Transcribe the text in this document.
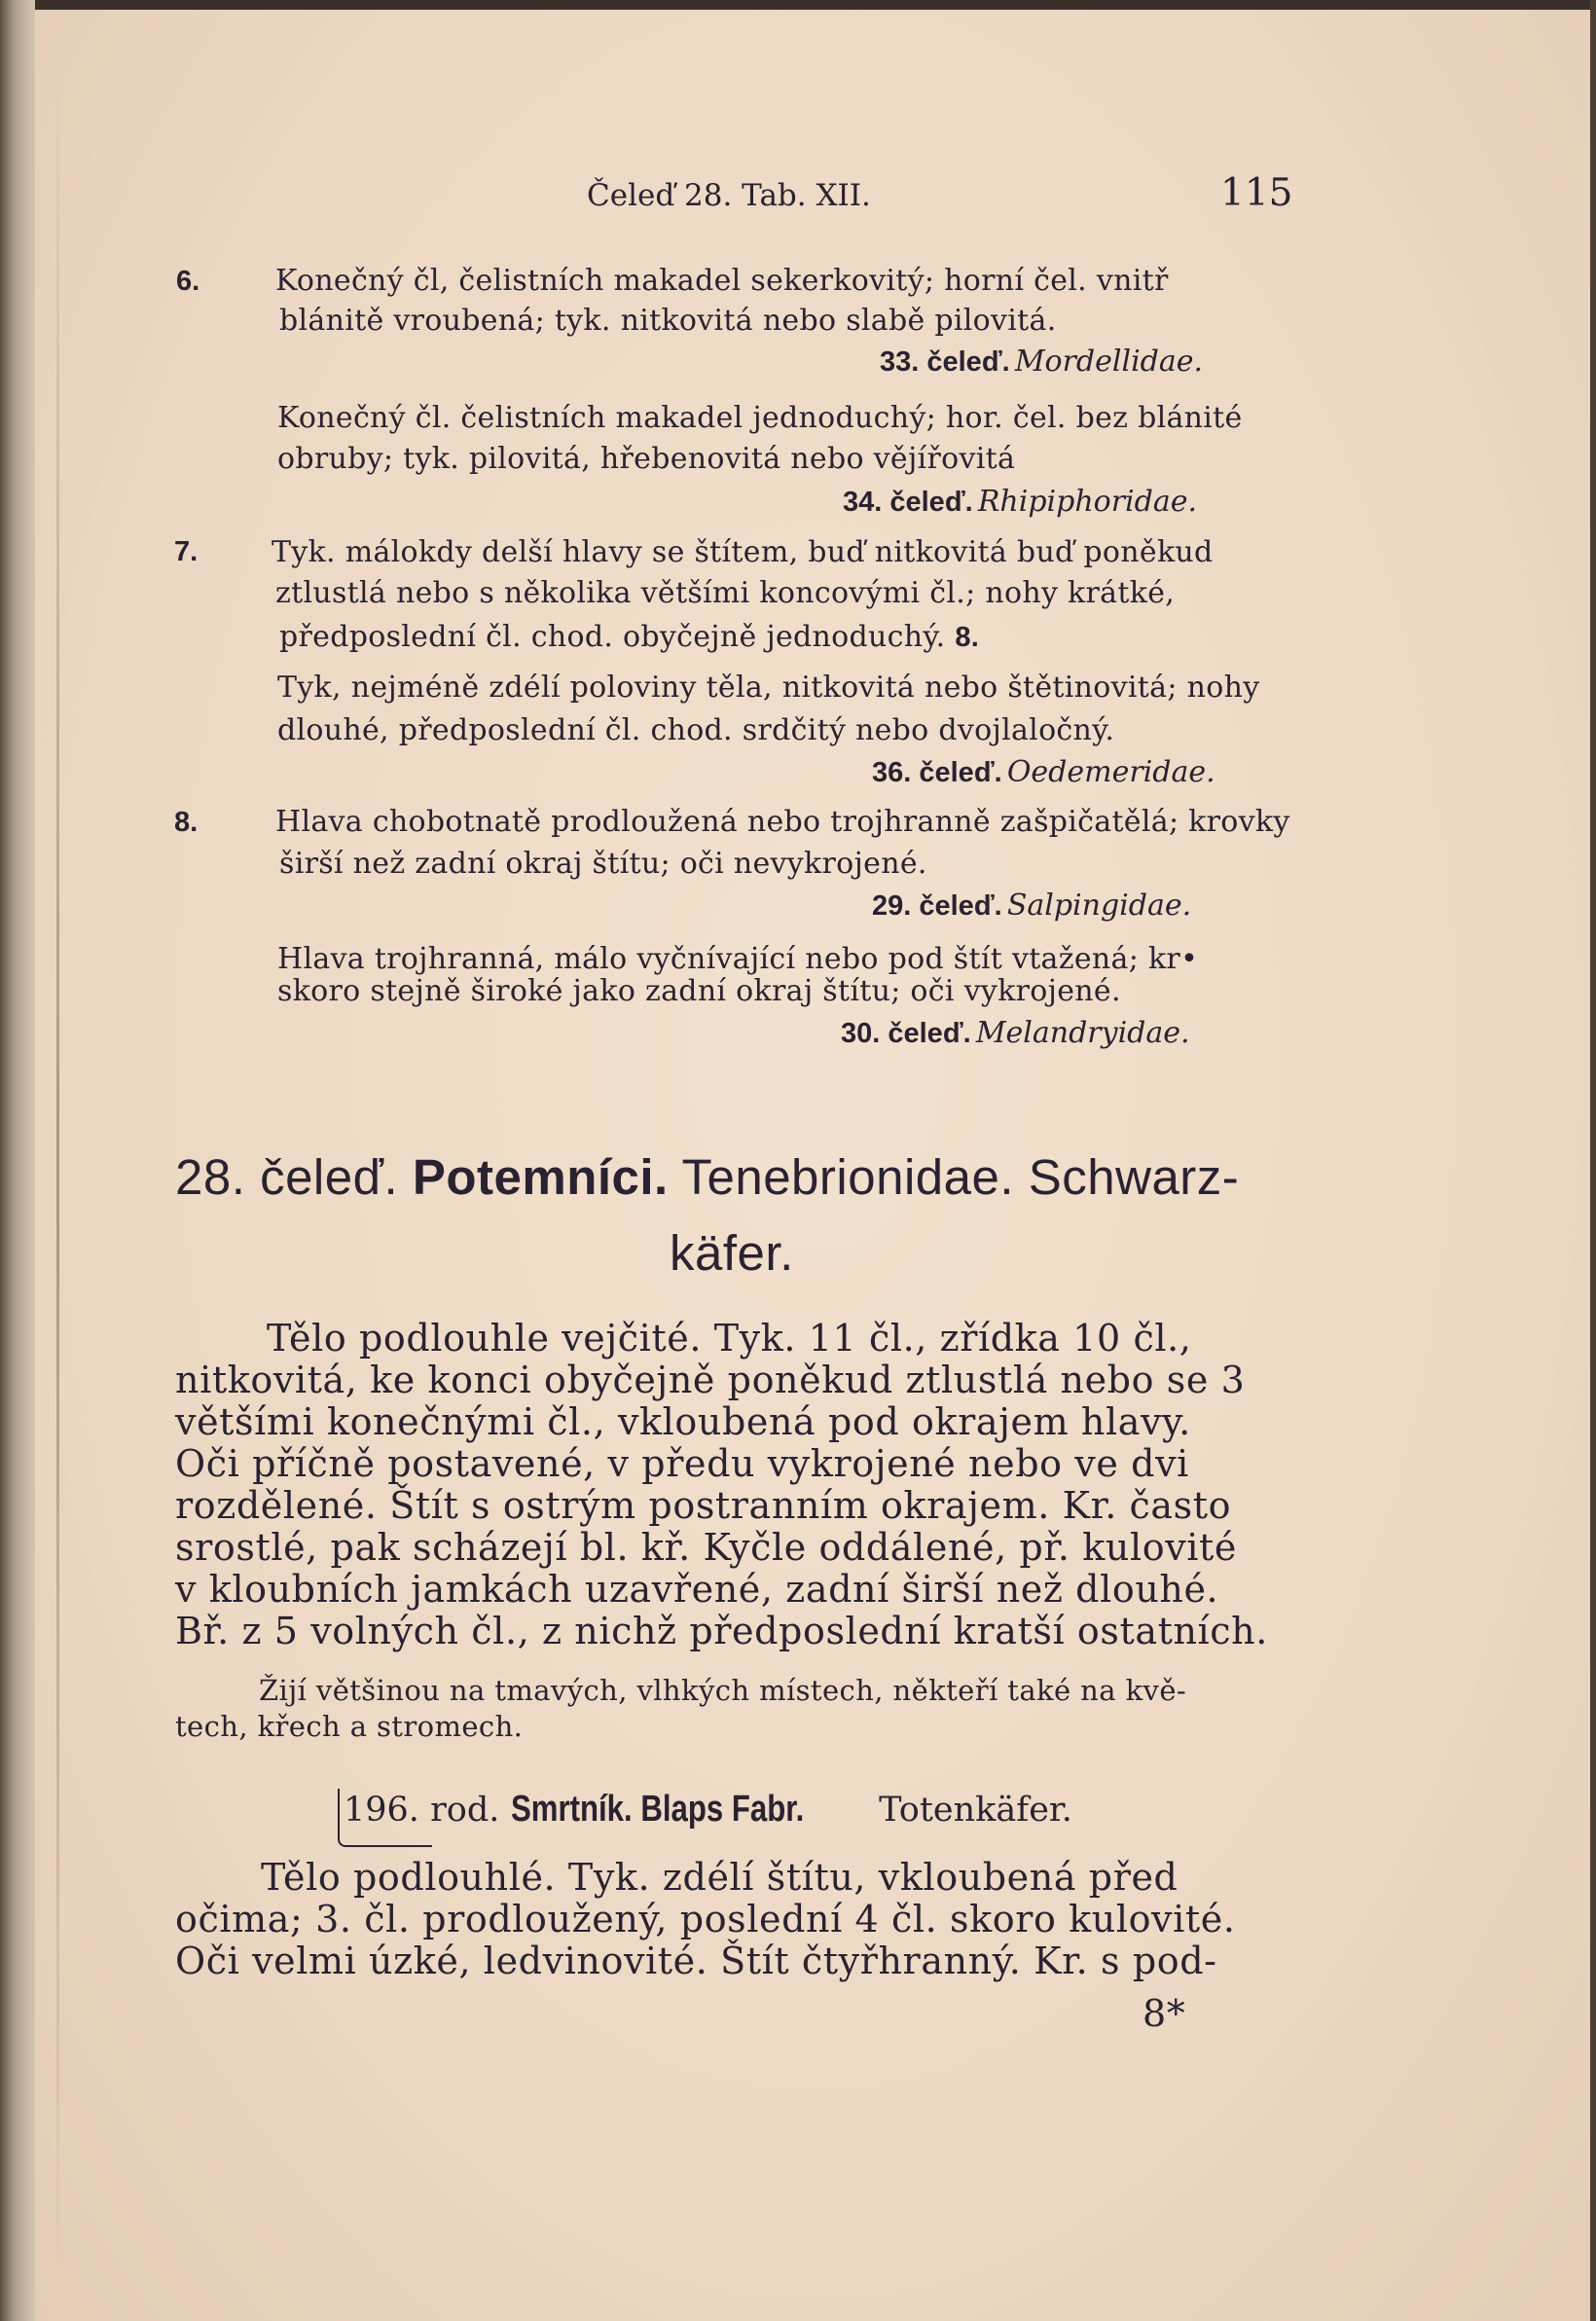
Čeleď 28. Tab. XII.	115
6.	Konečný čl, čelistních makadel sekerkovitý; horní čel. vnitř
blánitě vroubená; tyk. nitkovitá nebo slabě pilovitá.
33. čeleď. Mordellidae.
Konečný čl. čelistních makadel jednoduchý; hor. čel. bez blánité
obruby; tyk. pilovitá, hřebenovitá nebo vějířovitá
34. čeleď. Rhipiphoridae.
7.	Tyk. málokdy delší hlavy se štítem, buď nitkovitá buď poněkud
ztlustlá nebo s několika většími koncovými čl.; nohy krátké,
předposlední čl. chod. obyčejně jednoduchý. 8.
Tyk, nejméně zdélí poloviny těla, nitkovitá nebo štětinovitá; nohy
dlouhé, předposlední čl. chod. srdčitý nebo dvojlaločný.
36. čeleď. Oedemeridae.
8.	Hlava chobotnatě prodloužená nebo trojhranně zašpičatělá; krovky
širší než zadní okraj štítu; oči nevykrojené.
29. čeleď. Salpingidae.
Hlava trojhranná, málo vyčnívající nebo pod štít vtažená; kr•
skoro stejně široké jako zadní okraj štítu; oči vykrojené.
30. čeleď. Melandryidae.
28. čeleď. Potemníci. Tenebrionidae. Schwarz-
käfer.
Tělo podlouhle vejčité. Tyk. 11 čl., zřídka 10 čl.,
nitkovitá, ke konci obyčejně poněkud ztlustlá nebo se 3
většími konečnými čl., vkloubená pod okrajem hlavy.
Oči příčně postavené, v předu vykrojené nebo ve dvi
rozdělené. Štít s ostrým postranním okrajem. Kr. často
srostlé, pak scházejí bl. kř. Kyčle oddálené, př. kulovité
v kloubních jamkách uzavřené, zadní širší než dlouhé.
Bř. z 5 volných čl., z nichž předposlední kratší ostatních.
Žijí většinou na tmavých, vlhkých místech, někteří také na kvě-
tech, křech a stromech.
196. rod. Smrtník. Blaps Fabr. Totenkäfer.
Tělo podlouhlé. Tyk. zdélí štítu, vkloubená před
očima; 3. čl. prodloužený, poslední 4 čl. skoro kulovité.
Oči velmi úzké, ledvinovité. Štít čtyřhranný. Kr. s pod-
8*
